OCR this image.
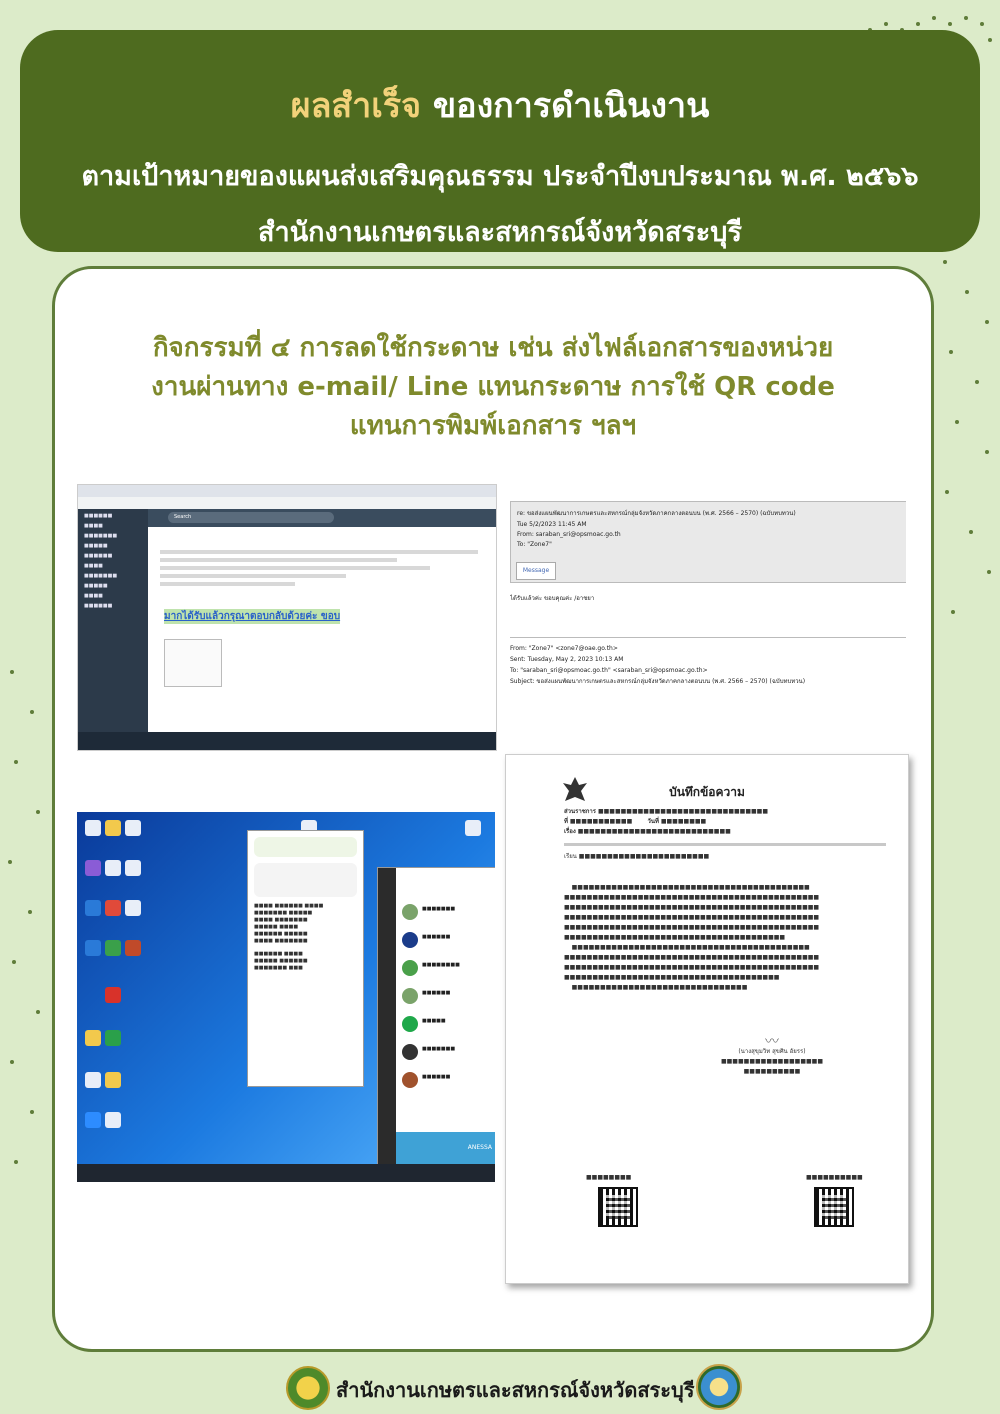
ผลสำเร็จ ของการดำเนินงาน
ตามเป้าหมายของแผนส่งเสริมคุณธรรม ประจำปีงบประมาณ พ.ศ. ๒๕๖๖
สำนักงานเกษตรและสหกรณ์จังหวัดสระบุรี
กิจกรรมที่ ๔ การลดใช้กระดาษ เช่น ส่งไฟล์เอกสารของหน่วย
งานผ่านทาง e-mail/ Line แทนกระดาษ การใช้ QR code
แทนการพิมพ์เอกสาร ฯลฯ
Search
■■■■■■
■■■■
■■■■■■■
■■■■■
■■■■■■
■■■■
■■■■■■■
■■■■■
■■■■
■■■■■■

มากได้รับแล้วกรุณาตอบกลับด้วยค่ะ ขอบ
re: ขอส่งแผนพัฒนาการเกษตรและสหกรณ์กลุ่มจังหวัดภาคกลางตอนบน (พ.ศ. 2566 – 2570) (ฉบับทบทวน)
Tue 5/2/2023 11:45 AM
From: saraban_sri@opsmoac.go.th
To: "Zone7"
Message
ได้รับแล้วค่ะ ขอบคุณค่ะ /อาชยา
From: "Zone7" <zone7@oae.go.th>
Sent: Tuesday, May 2, 2023 10:13 AM
To: "saraban_sri@opsmoac.go.th" <saraban_sri@opsmoac.go.th>
Subject: ขอส่งแผนพัฒนาการเกษตรและสหกรณ์กลุ่มจังหวัดภาคกลางตอนบน (พ.ศ. 2566 – 2570) (ฉบับทบทวน)
■■■■ ■■■■■■ ■■■■
■■■■■■■ ■■■■■
■■■■ ■■■■■■■
■■■■■ ■■■■
■■■■■■ ■■■■■
■■■■ ■■■■■■■
■■■■■■ ■■■■
■■■■■ ■■■■■■
■■■■■■■ ■■■
■■■■■■■
■■■■■■
■■■■■■■■
■■■■■■
■■■■■
■■■■■■■
■■■■■■
ANESSA
บันทึกข้อความ
ส่วนราชการ ■■■■■■■■■■■■■■■■■■■■■■■■■■■■■■
ที่ ■■■■■■■■■■■        วันที่ ■■■■■■■■
เรื่อง ■■■■■■■■■■■■■■■■■■■■■■■■■■■
เรียน ■■■■■■■■■■■■■■■■■■■■■■■
■■■■■■■■■■■■■■■■■■■■■■■■■■■■■■■■■■■■■■■■■■
■■■■■■■■■■■■■■■■■■■■■■■■■■■■■■■■■■■■■■■■■■■■■
■■■■■■■■■■■■■■■■■■■■■■■■■■■■■■■■■■■■■■■■■■■■■
■■■■■■■■■■■■■■■■■■■■■■■■■■■■■■■■■■■■■■■■■■■■■
■■■■■■■■■■■■■■■■■■■■■■■■■■■■■■■■■■■■■■■■■■■■■
■■■■■■■■■■■■■■■■■■■■■■■■■■■■■■■■■■■■■■■
■■■■■■■■■■■■■■■■■■■■■■■■■■■■■■■■■■■■■■■■■■
■■■■■■■■■■■■■■■■■■■■■■■■■■■■■■■■■■■■■■■■■■■■■
■■■■■■■■■■■■■■■■■■■■■■■■■■■■■■■■■■■■■■■■■■■■■
■■■■■■■■■■■■■■■■■■■■■■■■■■■■■■■■■■■■■■
■■■■■■■■■■■■■■■■■■■■■■■■■■■■■■■
〰
(นางสุขุมวิท สุขศิน อัยรร)
■■■■■■■■■■■■■■■■■■
■■■■■■■■■■
■■■■■■■■	■■■■■■■■■■
สำนักงานเกษตรและสหกรณ์จังหวัดสระบุรี
